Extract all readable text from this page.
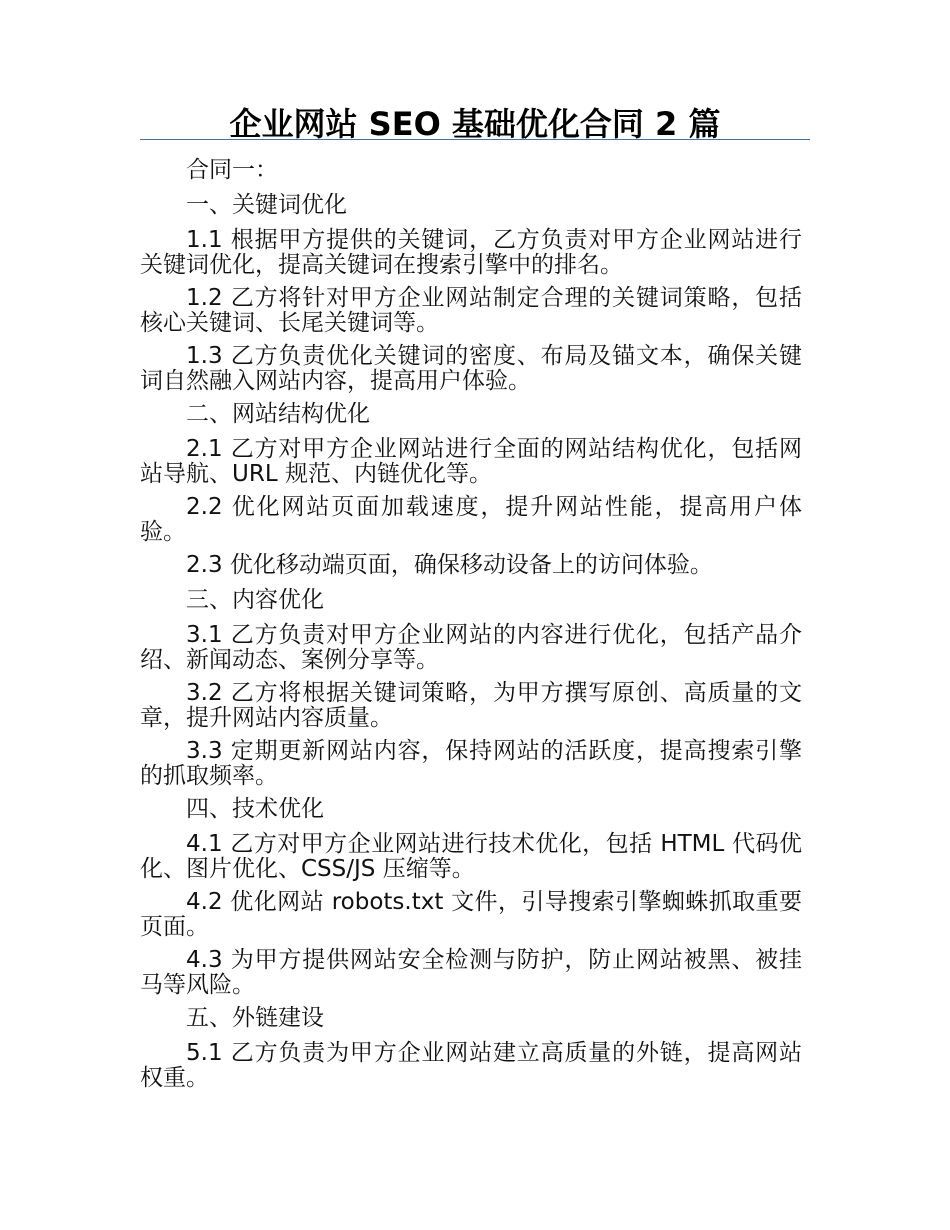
企业网站 SEO 基础优化合同 2 篇

合同一：

一、关键词优化

1.1 根据甲方提供的关键词，乙方负责对甲方企业网站进行关键词优化，提高关键词在搜索引擎中的排名。

1.2 乙方将针对甲方企业网站制定合理的关键词策略，包括核心关键词、长尾关键词等。

1.3 乙方负责优化关键词的密度、布局及锚文本，确保关键词自然融入网站内容，提高用户体验。

二、网站结构优化

2.1 乙方对甲方企业网站进行全面的网站结构优化，包括网站导航、URL 规范、内链优化等。

2.2 优化网站页面加载速度，提升网站性能，提高用户体验。

2.3 优化移动端页面，确保移动设备上的访问体验。

三、内容优化

3.1 乙方负责对甲方企业网站的内容进行优化，包括产品介绍、新闻动态、案例分享等。

3.2 乙方将根据关键词策略，为甲方撰写原创、高质量的文章，提升网站内容质量。

3.3 定期更新网站内容，保持网站的活跃度，提高搜索引擎的抓取频率。

四、技术优化

4.1 乙方对甲方企业网站进行技术优化，包括 HTML 代码优化、图片优化、CSS/JS 压缩等。

4.2 优化网站 robots.txt 文件，引导搜索引擎蜘蛛抓取重要页面。

4.3 为甲方提供网站安全检测与防护，防止网站被黑、被挂马等风险。

五、外链建设

5.1 乙方负责为甲方企业网站建立高质量的外链，提高网站权重。
